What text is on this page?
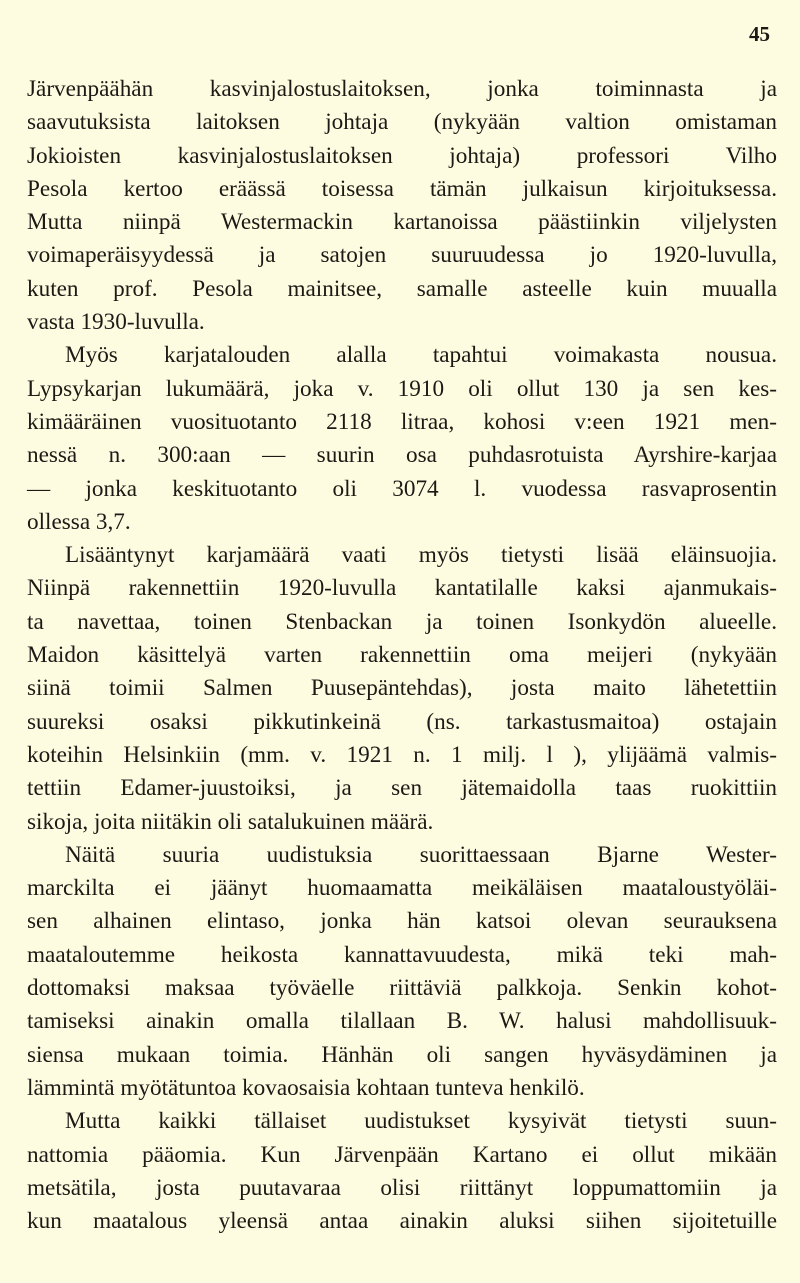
45
Järvenpäähän kasvinjalostuslaitoksen, jonka toiminnasta ja
saavutuksista laitoksen johtaja (nykyään valtion omistaman
Jokioisten kasvinjalostuslaitoksen johtaja) professori Vilho
Pesola kertoo eräässä toisessa tämän julkaisun kirjoituksessa.
Mutta niinpä Westermackin kartanoissa päästiinkin viljelysten
voimaperäisyydessä ja satojen suuruudessa jo 1920-luvulla,
kuten prof. Pesola mainitsee, samalle asteelle kuin muualla
vasta 1930-luvulla.
Myös karjatalouden alalla tapahtui voimakasta nousua.
Lypsykarjan lukumäärä, joka v. 1910 oli ollut 130 ja sen kes-
kimääräinen vuosituotanto 2118 litraa, kohosi v:een 1921 men-
nessä n. 300:aan — suurin osa puhdasrotuista Ayrshire-karjaa
— jonka keskituotanto oli 3074 l. vuodessa rasvaprosentin
ollessa 3,7.
Lisääntynyt karjamäärä vaati myös tietysti lisää eläinsuojia.
Niinpä rakennettiin 1920-luvulla kantatilalle kaksi ajanmukais-
ta navettaa, toinen Stenbackan ja toinen Isonkydön alueelle.
Maidon käsittelyä varten rakennettiin oma meijeri (nykyään
siinä toimii Salmen Puusepäntehdas), josta maito lähetettiin
suureksi osaksi pikkutinkeinä (ns. tarkastusmaitoa) ostajain
koteihin Helsinkiin (mm. v. 1921 n. 1 milj. l ), ylijäämä valmis-
tettiin Edamer-juustoiksi, ja sen jätemaidolla taas ruokittiin
sikoja, joita niitäkin oli satalukuinen määrä.
Näitä suuria uudistuksia suorittaessaan Bjarne Wester-
marckilta ei jäänyt huomaamatta meikäläisen maataloustyöläi-
sen alhainen elintaso, jonka hän katsoi olevan seurauksena
maataloutemme heikosta kannattavuudesta, mikä teki mah-
dottomaksi maksaa työväelle riittäviä palkkoja. Senkin kohot-
tamiseksi ainakin omalla tilallaan B. W. halusi mahdollisuuk-
siensa mukaan toimia. Hänhän oli sangen hyväsydäminen ja
lämmintä myötätuntoa kovaosaisia kohtaan tunteva henkilö.
Mutta kaikki tällaiset uudistukset kysyivät tietysti suun-
nattomia pääomia. Kun Järvenpään Kartano ei ollut mikään
metsätila, josta puutavaraa olisi riittänyt loppumattomiin ja
kun maatalous yleensä antaa ainakin aluksi siihen sijoitetuille
